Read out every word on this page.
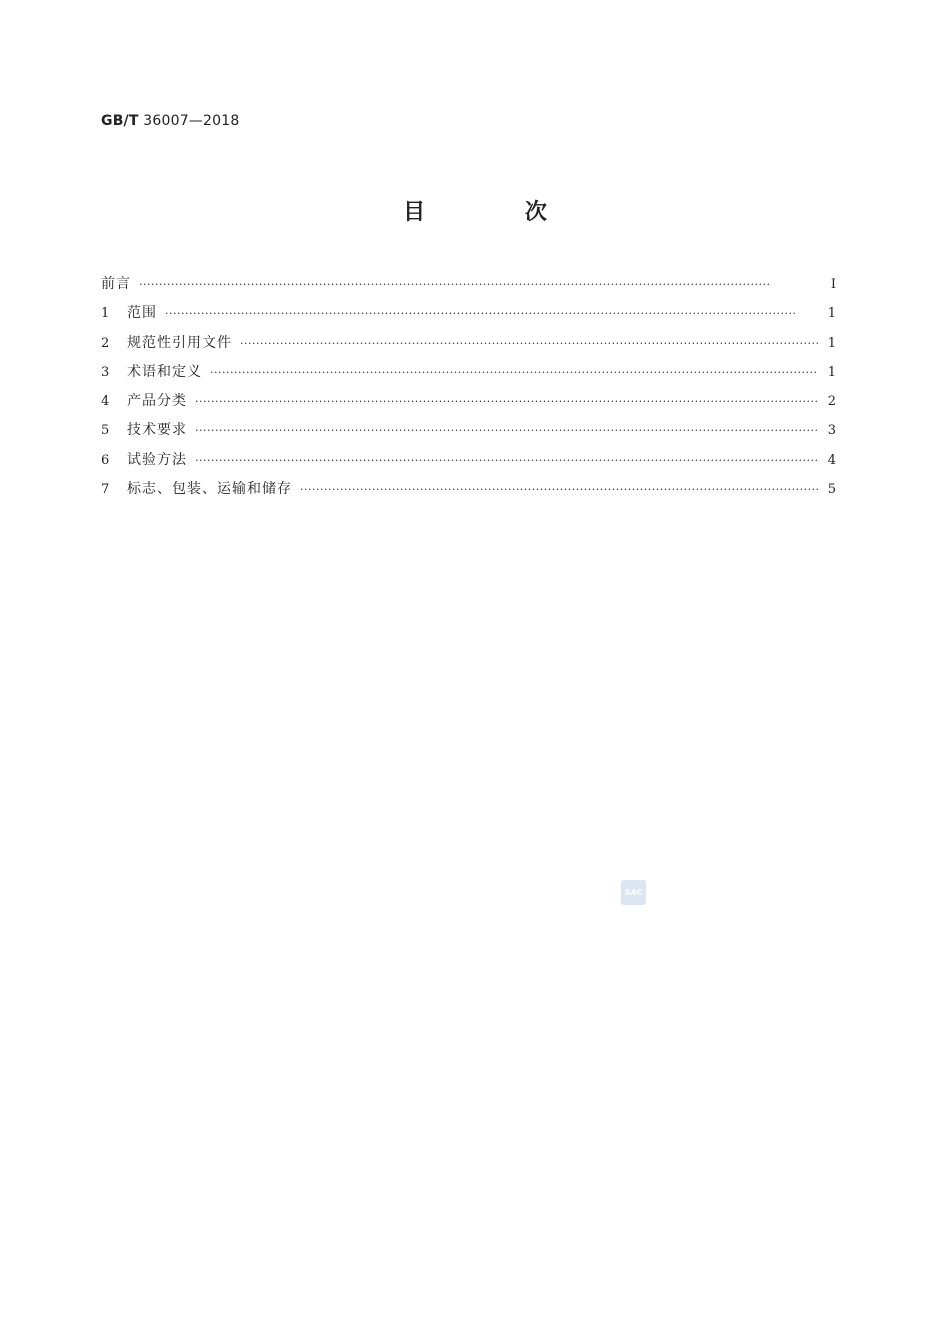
GB/T 36007—2018
目 次
前言 ·····	Ⅰ
1	范围 ·····	1
2	规范性引用文件 ·····	1
3	术语和定义 ·····	1
4	产品分类 ·····	2
5	技术要求 ·····	3
6	试验方法 ·····	4
7	标志、包装、运输和储存 ·····	5
SAC
